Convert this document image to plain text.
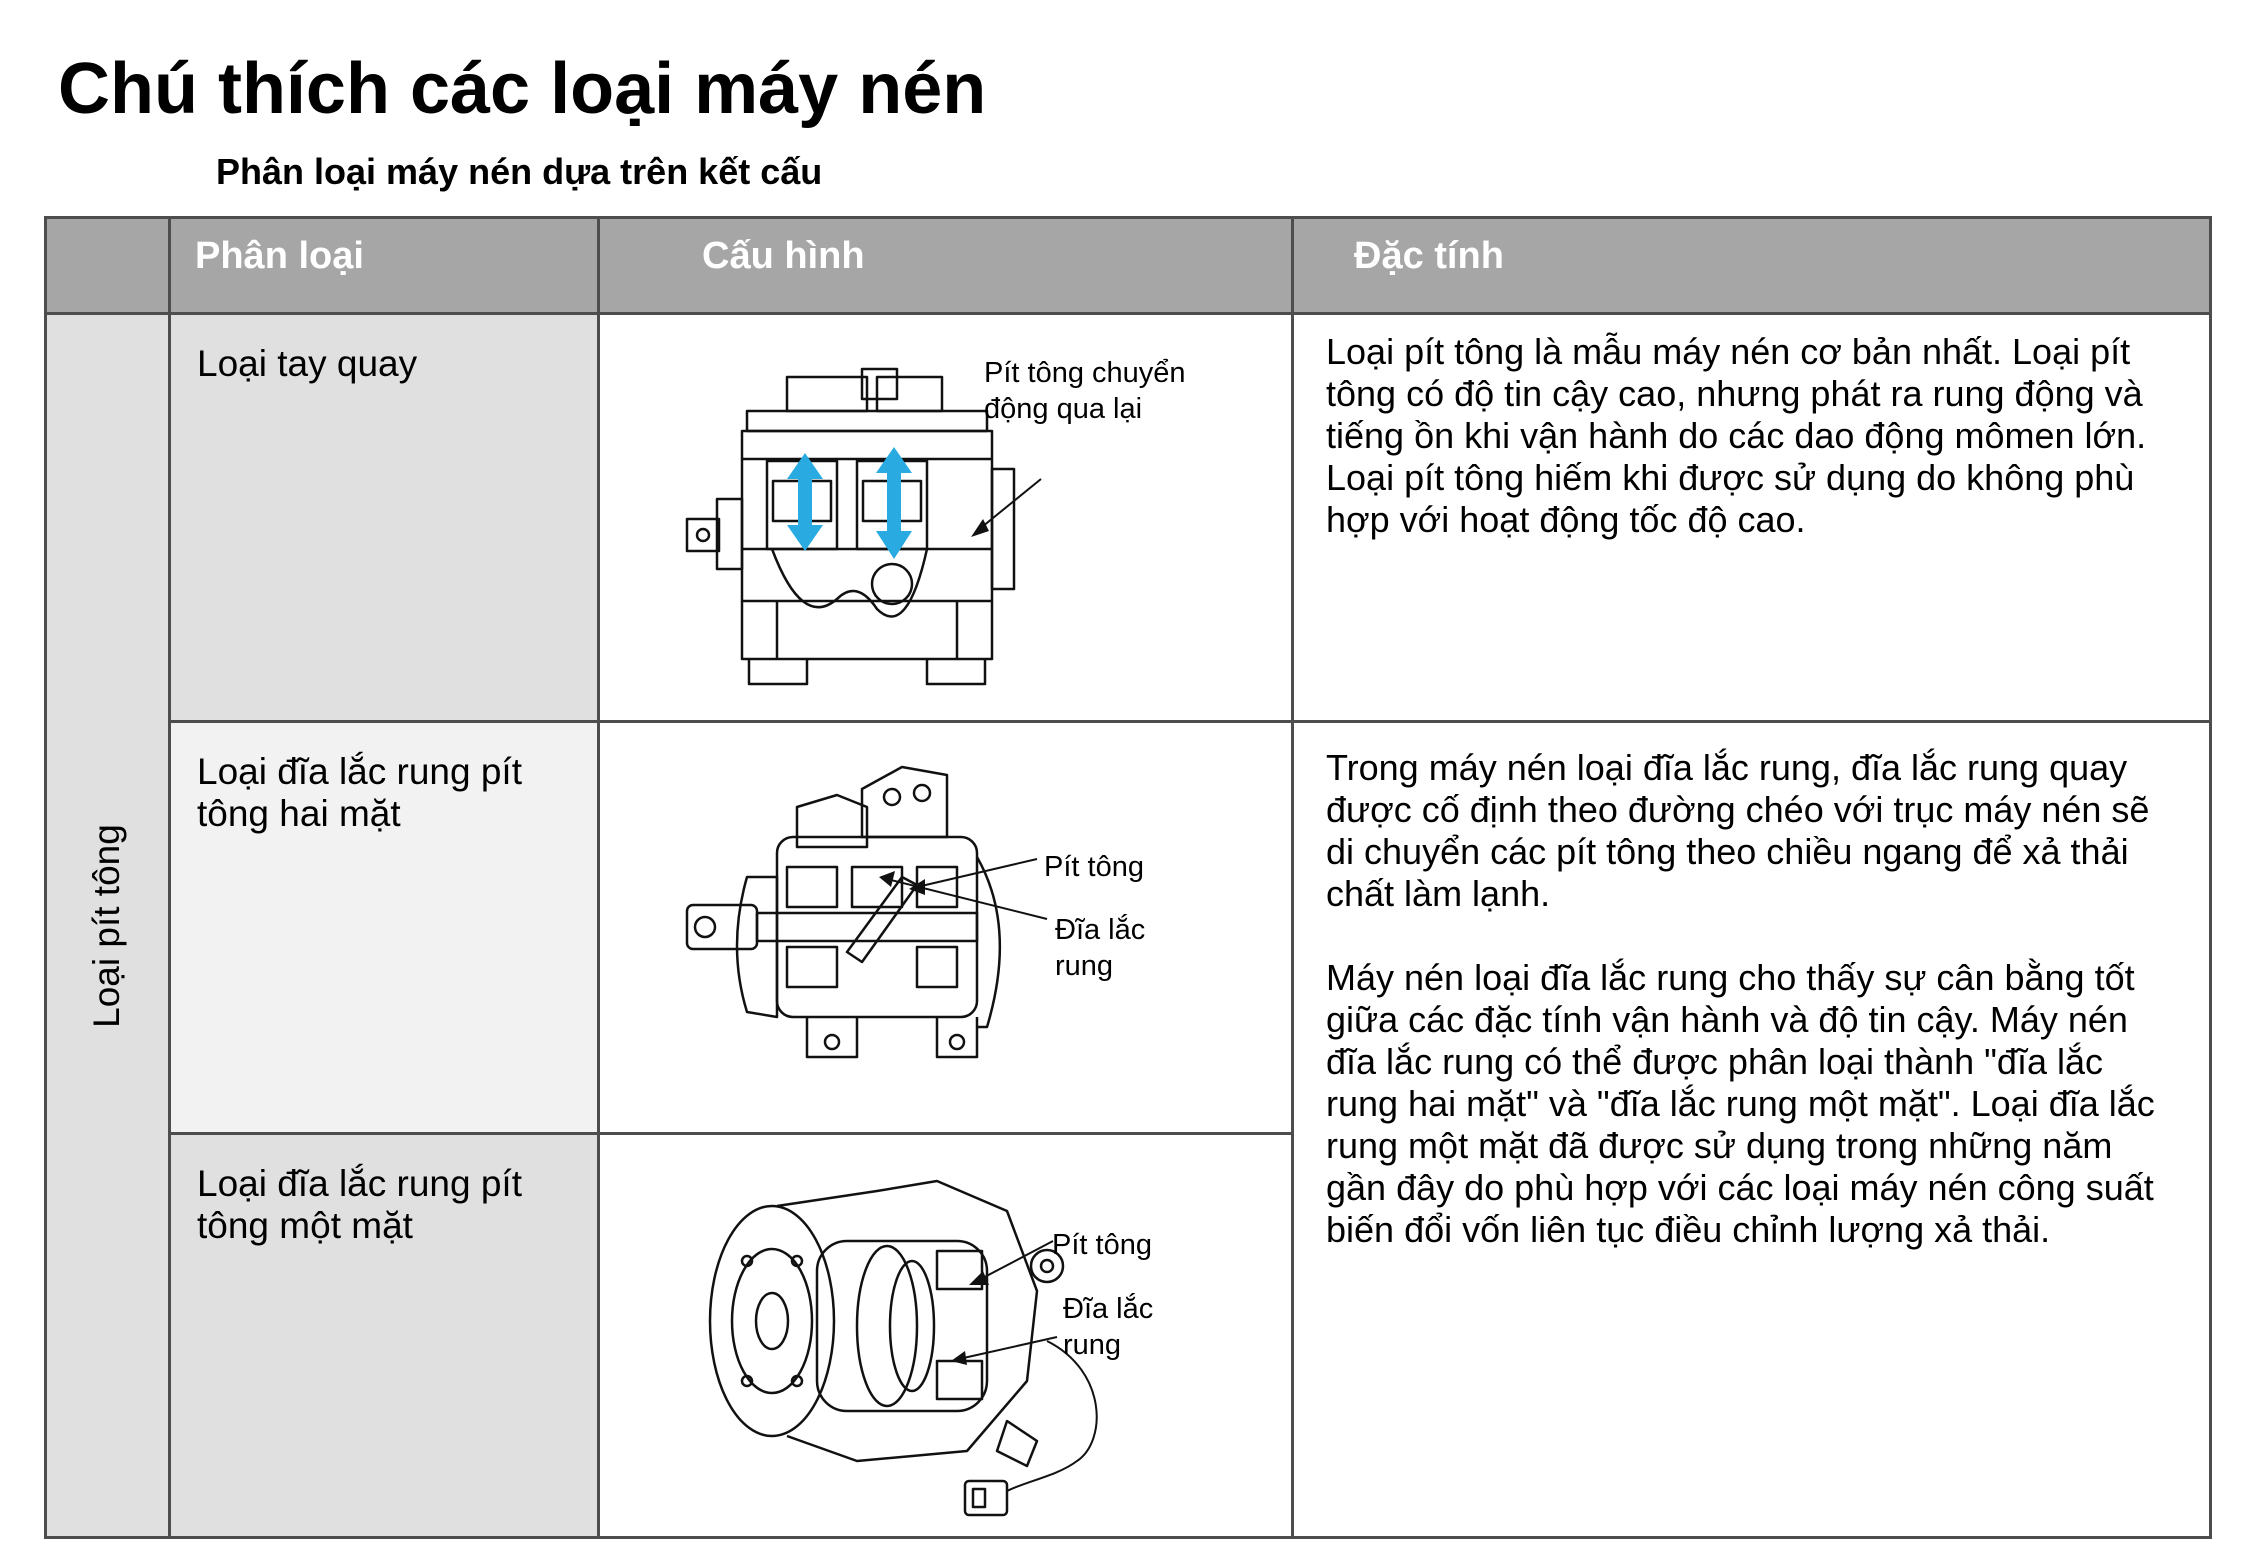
Chú thích các loại máy nén
Phân loại máy nén dựa trên kết cấu
Phân loại	Cấu hình	Đặc tính
Loại pít tông
Loại tay quay
Loại đĩa lắc rung pít tông hai mặt
Loại đĩa lắc rung pít tông một mặt
Loại pít tông là mẫu máy nén cơ bản nhất. Loại pít tông có độ tin cậy cao, nhưng phát ra rung động và tiếng ồn khi vận hành do các dao động mômen lớn. Loại pít tông hiếm khi được sử dụng do không phù hợp với hoạt động tốc độ cao.

Trong máy nén loại đĩa lắc rung, đĩa lắc rung quay được cố định theo đường chéo với trục máy nén sẽ di chuyển các pít tông theo chiều ngang để xả thải chất làm lạnh.

Máy nén loại đĩa lắc rung cho thấy sự cân bằng tốt giữa các đặc tính vận hành và độ tin cậy. Máy nén đĩa lắc rung có thể được phân loại thành "đĩa lắc rung hai mặt" và "đĩa lắc rung một mặt". Loại đĩa lắc rung một mặt đã được sử dụng trong những năm gần đây do phù hợp với các loại máy nén công suất biến đổi vốn liên tục điều chỉnh lượng xả thải.

Pít tông chuyển
động qua lại
Pít tông
Đĩa lắc
rung
Pít tông
Đĩa lắc
rung
